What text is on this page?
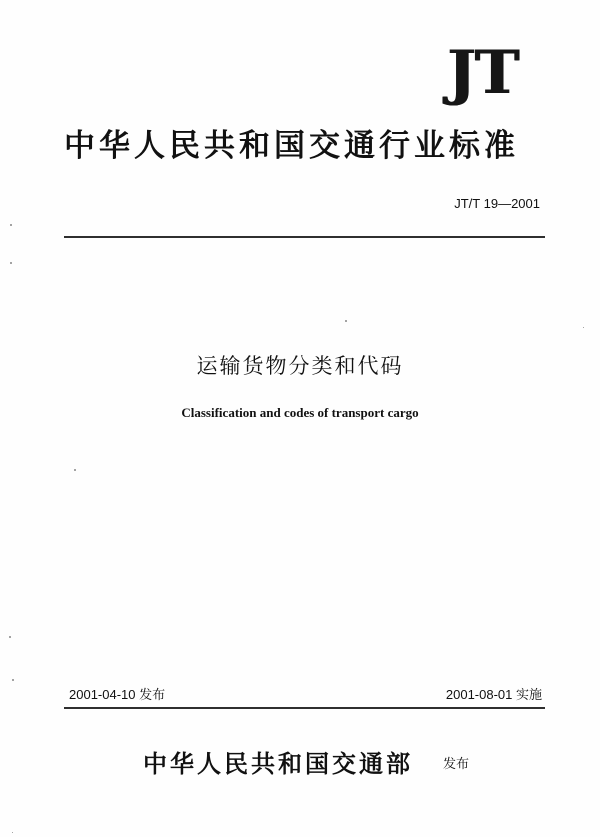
JT
中华人民共和国交通行业标准
JT/T 19—2001
运输货物分类和代码
Classification and codes of transport cargo
2001-04-10 发布	2001-08-01 实施
中华人民共和国交通部 发布
